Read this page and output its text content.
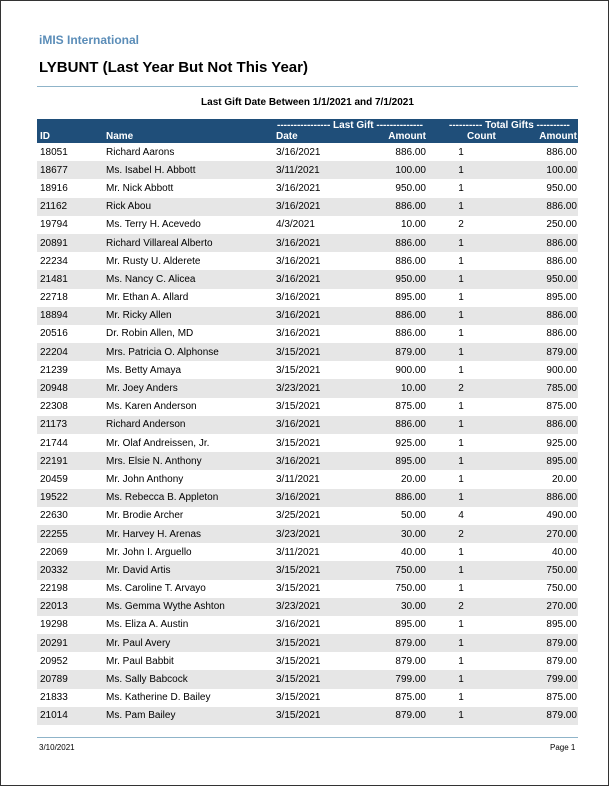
iMIS International
LYBUNT (Last Year But Not This Year)
Last Gift Date Between 1/1/2021 and 7/1/2021
---------------- Last Gift --------------	---------- Total Gifts ----------
ID	Name	Date	Amount	Count	Amount
18051	Richard Aarons	3/16/2021	886.00	1	886.00
18677	Ms. Isabel H. Abbott	3/11/2021	100.00	1	100.00
18916	Mr. Nick Abbott	3/16/2021	950.00	1	950.00
21162	Rick Abou	3/16/2021	886.00	1	886.00
19794	Ms. Terry H. Acevedo	4/3/2021	10.00	2	250.00
20891	Richard Villareal Alberto	3/16/2021	886.00	1	886.00
22234	Mr. Rusty U. Alderete	3/16/2021	886.00	1	886.00
21481	Ms. Nancy C. Alicea	3/16/2021	950.00	1	950.00
22718	Mr. Ethan A. Allard	3/16/2021	895.00	1	895.00
18894	Mr. Ricky Allen	3/16/2021	886.00	1	886.00
20516	Dr. Robin Allen, MD	3/16/2021	886.00	1	886.00
22204	Mrs. Patricia O. Alphonse	3/15/2021	879.00	1	879.00
21239	Ms. Betty Amaya	3/15/2021	900.00	1	900.00
20948	Mr. Joey Anders	3/23/2021	10.00	2	785.00
22308	Ms. Karen Anderson	3/15/2021	875.00	1	875.00
21173	Richard Anderson	3/16/2021	886.00	1	886.00
21744	Mr. Olaf Andreissen, Jr.	3/15/2021	925.00	1	925.00
22191	Mrs. Elsie N. Anthony	3/16/2021	895.00	1	895.00
20459	Mr. John Anthony	3/11/2021	20.00	1	20.00
19522	Ms. Rebecca B. Appleton	3/16/2021	886.00	1	886.00
22630	Mr. Brodie Archer	3/25/2021	50.00	4	490.00
22255	Mr. Harvey H. Arenas	3/23/2021	30.00	2	270.00
22069	Mr. John I. Arguello	3/11/2021	40.00	1	40.00
20332	Mr. David Artis	3/15/2021	750.00	1	750.00
22198	Ms. Caroline T. Arvayo	3/15/2021	750.00	1	750.00
22013	Ms. Gemma Wythe Ashton	3/23/2021	30.00	2	270.00
19298	Ms. Eliza A. Austin	3/16/2021	895.00	1	895.00
20291	Mr. Paul Avery	3/15/2021	879.00	1	879.00
20952	Mr. Paul Babbit	3/15/2021	879.00	1	879.00
20789	Ms. Sally Babcock	3/15/2021	799.00	1	799.00
21833	Ms. Katherine D. Bailey	3/15/2021	875.00	1	875.00
21014	Ms. Pam Bailey	3/15/2021	879.00	1	879.00
3/10/2021	Page 1
